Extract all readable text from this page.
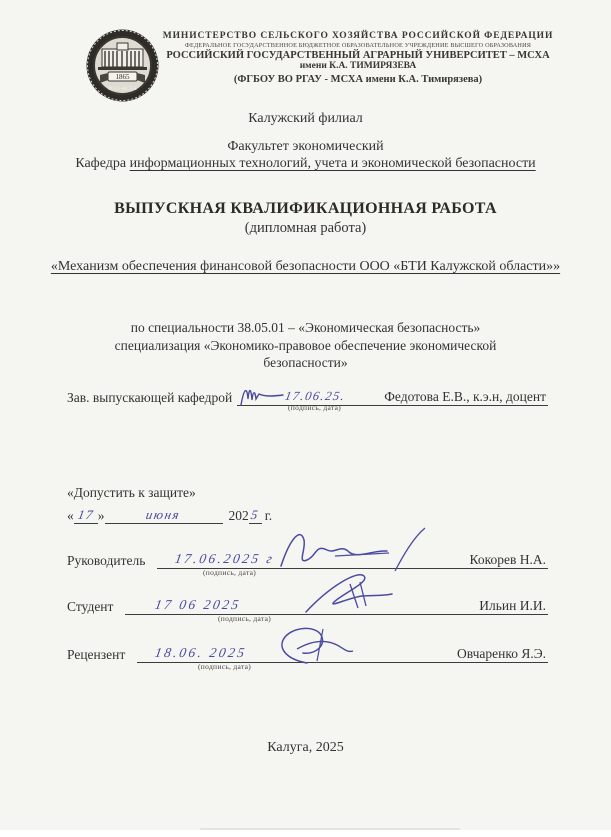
1865
РГАУ·МСХА
МИНИСТЕРСТВО СЕЛЬСКОГО ХОЗЯЙСТВА РОССИЙСКОЙ ФЕДЕРАЦИИ
ФЕДЕРАЛЬНОЕ ГОСУДАРСТВЕННОЕ БЮДЖЕТНОЕ ОБРАЗОВАТЕЛЬНОЕ УЧРЕЖДЕНИЕ ВЫСШЕГО ОБРАЗОВАНИЯ
РОССИЙСКИЙ ГОСУДАРСТВЕННЫЙ АГРАРНЫЙ УНИВЕРСИТЕТ – МСХА
имени К.А. ТИМИРЯЗЕВА
(ФГБОУ ВО РГАУ - МСХА имени К.А. Тимирязева)
Калужский филиал
Факультет экономический
Кафедра информационных технологий, учета и экономической безопасности
ВЫПУСКНАЯ КВАЛИФИКАЦИОННАЯ РАБОТА
(дипломная работа)
«Механизм обеспечения финансовой безопасности ООО «БТИ Калужской области»»
по специальности 38.05.01 – «Экономическая безопасность»
специализация «Экономико-правовое обеспечение экономической безопасности»
Зав. выпускающей кафедрой	17.06.25.	Федотова Е.В., к.э.н, доцент
(подпись, дата)
«Допустить к защите»
« 17 »	июня	202 5 г.
Руководитель	17.06.2025 г	Кокорев Н.А.
(подпись, дата)
Студент	17 06 2025	Ильин И.И.
(подпись, дата)
Рецензент	18.06. 2025	Овчаренко Я.Э.
(подпись, дата)
Калуга, 2025
